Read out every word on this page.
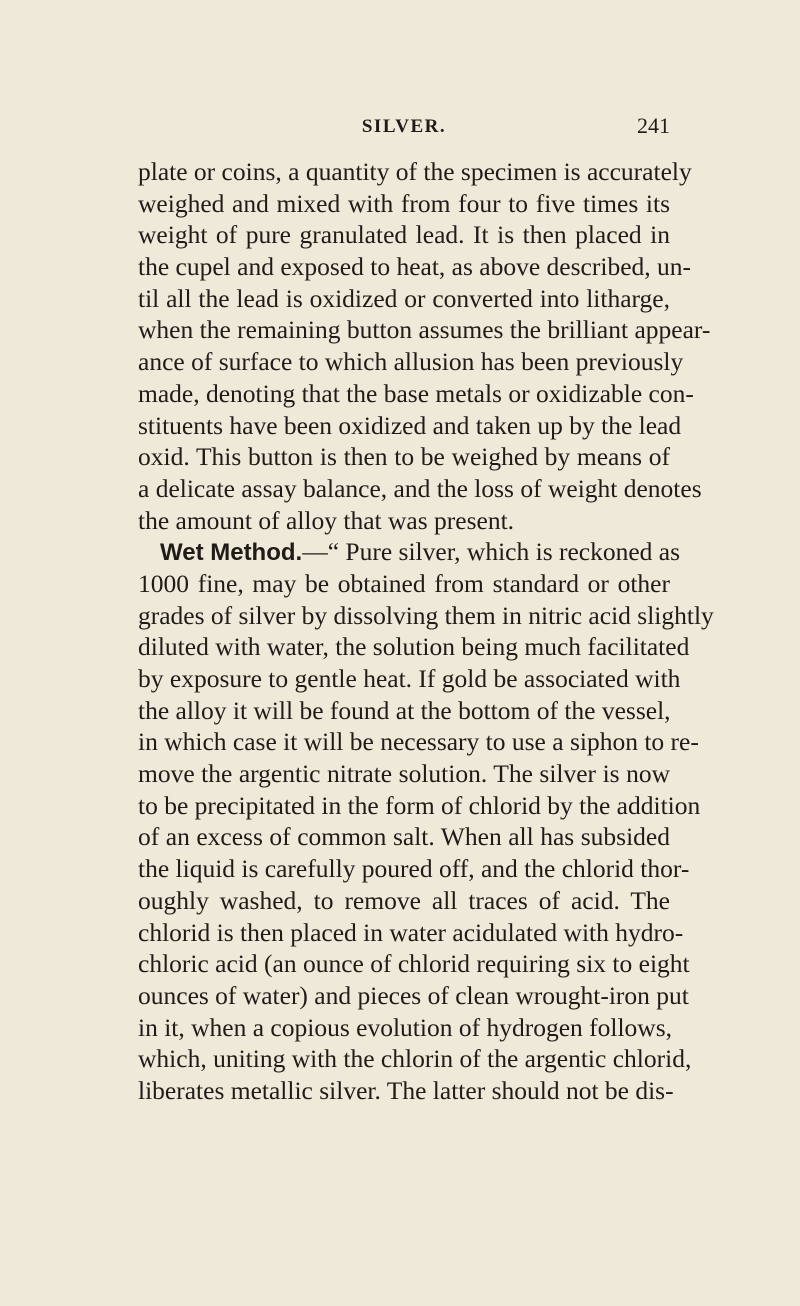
SILVER.	241
plate or coins, a quantity of the specimen is accurately
weighed and mixed with from four to five times its
weight of pure granulated lead. It is then placed in
the cupel and exposed to heat, as above described, un-
til all the lead is oxidized or converted into litharge,
when the remaining button assumes the brilliant appear-
ance of surface to which allusion has been previously
made, denoting that the base metals or oxidizable con-
stituents have been oxidized and taken up by the lead
oxid. This button is then to be weighed by means of
a delicate assay balance, and the loss of weight denotes
the amount of alloy that was present.
Wet Method.—“ Pure silver, which is reckoned as
1000 fine, may be obtained from standard or other
grades of silver by dissolving them in nitric acid slightly
diluted with water, the solution being much facilitated
by exposure to gentle heat. If gold be associated with
the alloy it will be found at the bottom of the vessel,
in which case it will be necessary to use a siphon to re-
move the argentic nitrate solution. The silver is now
to be precipitated in the form of chlorid by the addition
of an excess of common salt. When all has subsided
the liquid is carefully poured off, and the chlorid thor-
oughly washed, to remove all traces of acid. The
chlorid is then placed in water acidulated with hydro-
chloric acid (an ounce of chlorid requiring six to eight
ounces of water) and pieces of clean wrought-iron put
in it, when a copious evolution of hydrogen follows,
which, uniting with the chlorin of the argentic chlorid,
liberates metallic silver. The latter should not be dis-
